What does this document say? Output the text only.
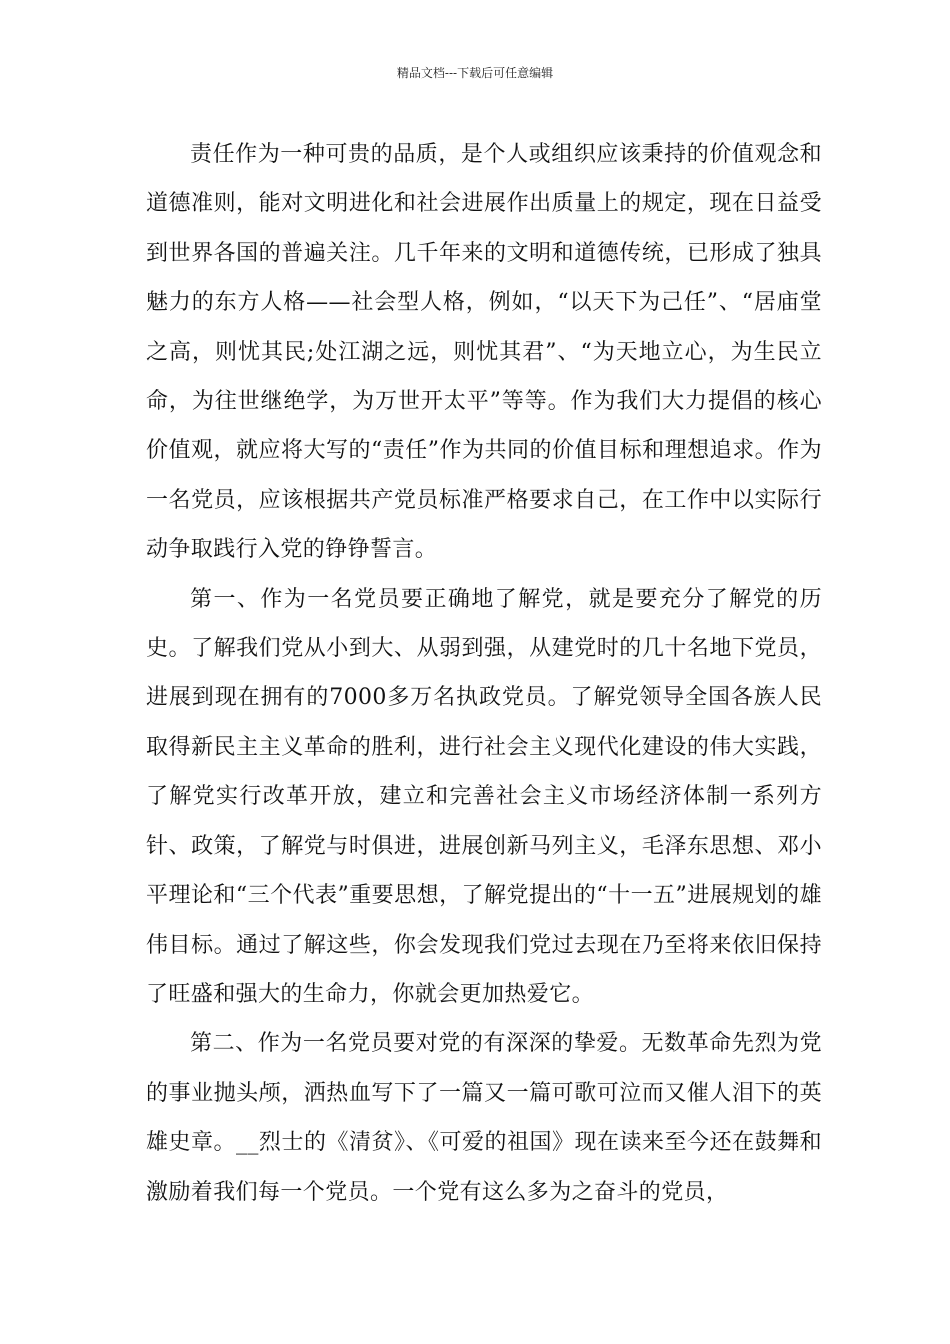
精品文档---下载后可任意编辑

责任作为一种可贵的品质，是个人或组织应该秉持的价值观念和道德准则，能对文明进化和社会进展作出质量上的规定，现在日益受到世界各国的普遍关注。几千年来的文明和道德传统，已形成了独具魅力的东方人格——社会型人格，例如，“以天下为己任”、“居庙堂之高，则忧其民;处江湖之远，则忧其君”、“为天地立心，为生民立命，为往世继绝学，为万世开太平”等等。作为我们大力提倡的核心价值观，就应将大写的“责任”作为共同的价值目标和理想追求。作为一名党员，应该根据共产党员标准严格要求自己，在工作中以实际行动争取践行入党的铮铮誓言。

第一、作为一名党员要正确地了解党，就是要充分了解党的历史。了解我们党从小到大、从弱到强，从建党时的几十名地下党员，进展到现在拥有的7000多万名执政党员。了解党领导全国各族人民取得新民主主义革命的胜利，进行社会主义现代化建设的伟大实践，了解党实行改革开放，建立和完善社会主义市场经济体制一系列方针、政策，了解党与时俱进，进展创新马列主义，毛泽东思想、邓小平理论和“三个代表”重要思想，了解党提出的“十一五”进展规划的雄伟目标。通过了解这些，你会发现我们党过去现在乃至将来依旧保持了旺盛和强大的生命力，你就会更加热爱它。

第二、作为一名党员要对党的有深深的挚爱。无数革命先烈为党的事业抛头颅，洒热血写下了一篇又一篇可歌可泣而又催人泪下的英雄史章。__烈士的《清贫》、《可爱的祖国》现在读来至今还在鼓舞和激励着我们每一个党员。一个党有这么多为之奋斗的党员，
